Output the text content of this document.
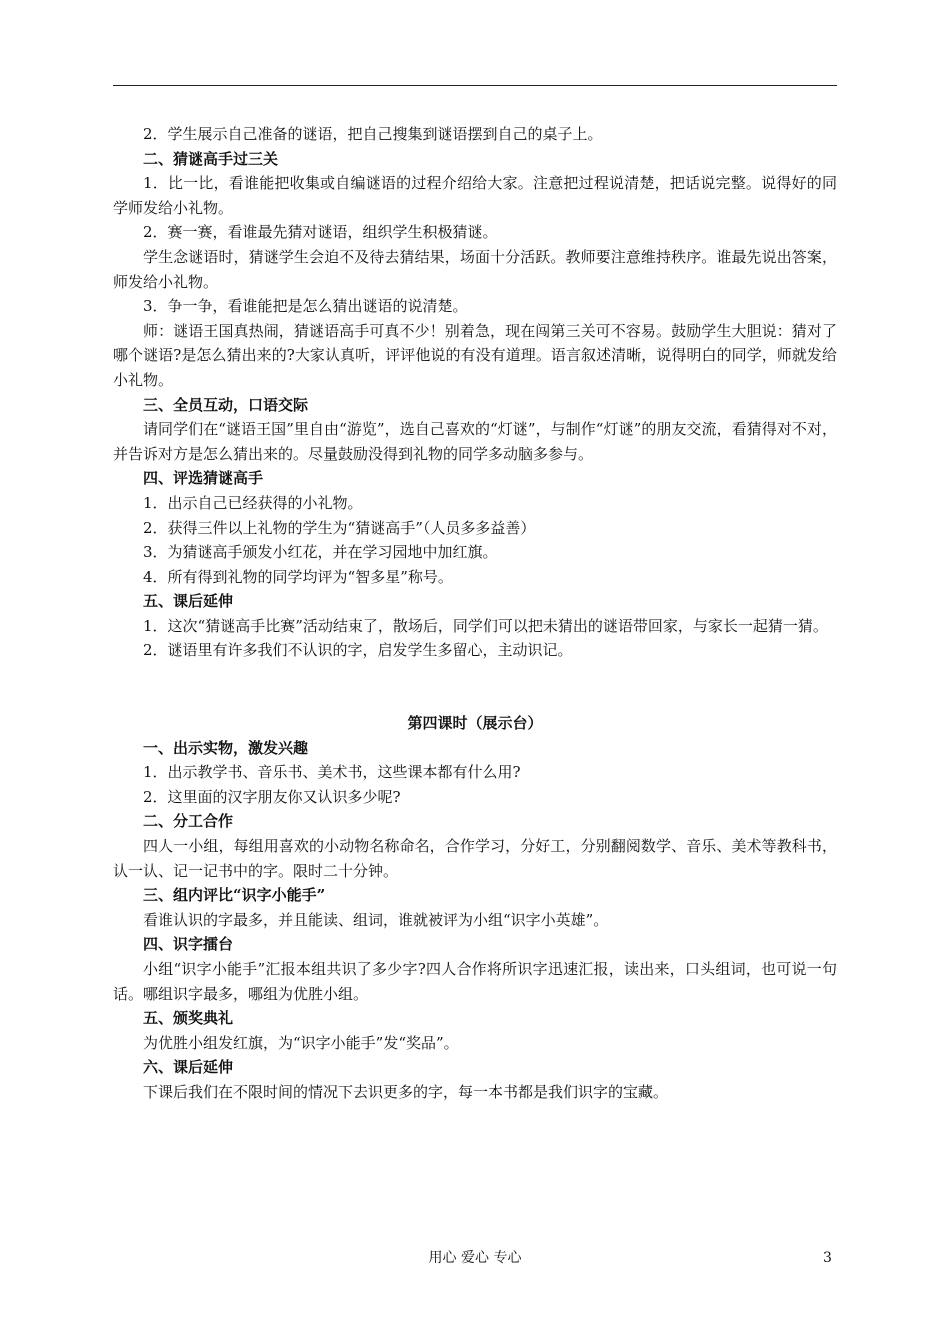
2．学生展示自己准备的谜语，把自己搜集到谜语摆到自己的桌子上。

二、猜谜高手过三关

1．比一比，看谁能把收集或自编谜语的过程介绍给大家。注意把过程说清楚，把话说完整。说得好的同学师发给小礼物。

2．赛一赛，看谁最先猜对谜语，组织学生积极猜谜。

学生念谜语时，猜谜学生会迫不及待去猜结果，场面十分活跃。教师要注意维持秩序。谁最先说出答案，师发给小礼物。

3．争一争，看谁能把是怎么猜出谜语的说清楚。

师：谜语王国真热闹，猜谜语高手可真不少！别着急，现在闯第三关可不容易。鼓励学生大胆说：猜对了哪个谜语?是怎么猜出来的?大家认真听，评评他说的有没有道理。语言叙述清晰，说得明白的同学，师就发给小礼物。

三、全员互动，口语交际

请同学们在“谜语王国”里自由“游览”，选自己喜欢的“灯谜”，与制作“灯谜”的朋友交流，看猜得对不对，并告诉对方是怎么猜出来的。尽量鼓励没得到礼物的同学多动脑多参与。

四、评选猜谜高手

1．出示自己已经获得的小礼物。

2．获得三件以上礼物的学生为“猜谜高手”（人员多多益善）

3．为猜谜高手颁发小红花，并在学习园地中加红旗。

4．所有得到礼物的同学均评为“智多星”称号。

五、课后延伸

1．这次“猜谜高手比赛”活动结束了，散场后，同学们可以把未猜出的谜语带回家，与家长一起猜一猜。

2．谜语里有许多我们不认识的字，启发学生多留心，主动识记。

第四课时（展示台）

一、出示实物，激发兴趣

1．出示教学书、音乐书、美术书，这些课本都有什么用?

2．这里面的汉字朋友你又认识多少呢?

二、分工合作

四人一小组，每组用喜欢的小动物名称命名，合作学习，分好工，分别翻阅数学、音乐、美术等教科书，认一认、记一记书中的字。限时二十分钟。

三、组内评比“识字小能手”

看谁认识的字最多，并且能读、组词，谁就被评为小组“识字小英雄”。

四、识字擂台

小组“识字小能手”汇报本组共识了多少字?四人合作将所识字迅速汇报，读出来，口头组词，也可说一句话。哪组识字最多，哪组为优胜小组。

五、颁奖典礼

为优胜小组发红旗，为“识字小能手”发“奖品”。

六、课后延伸

下课后我们在不限时间的情况下去识更多的字，每一本书都是我们识字的宝藏。

用心 爱心 专心	3
